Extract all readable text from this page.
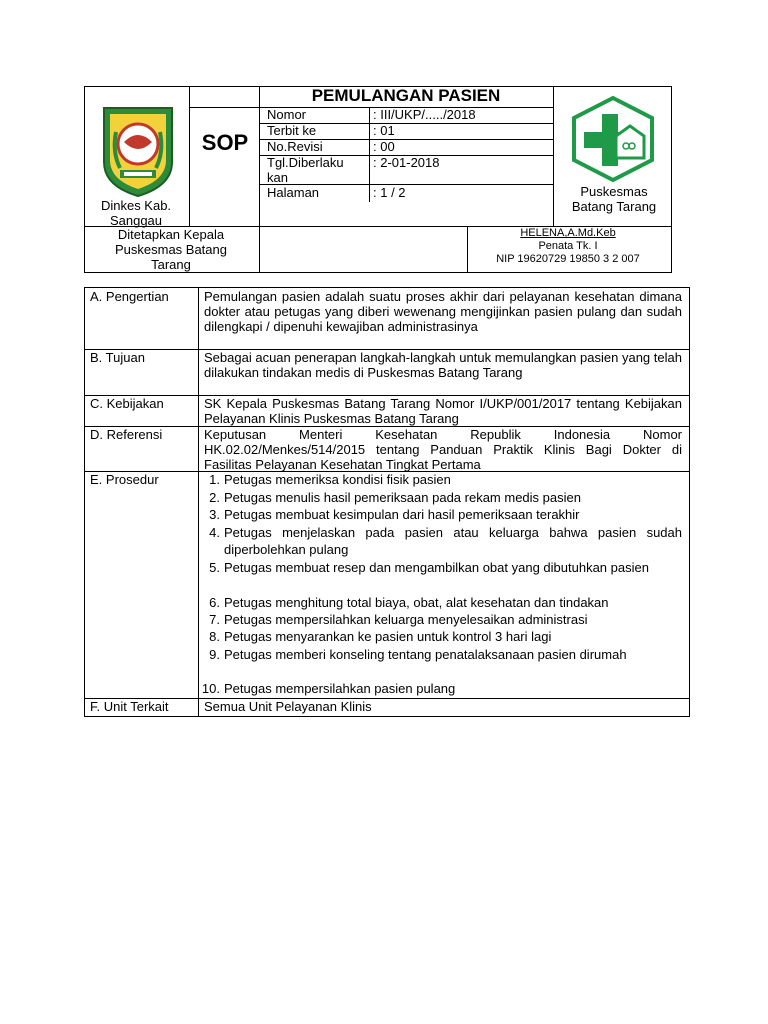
Dinkes Kab.
Sanggau
SOP
PEMULANGAN PASIEN
Nomor	: III/UKP/...../2018
Terbit ke	: 01
No.Revisi	: 00
Tgl.Diberlaku
kan
: 2-01-2018
Halaman	: 1 / 2	Puskesmas
Batang Tarang
Ditetapkan Kepala
Puskesmas Batang
Tarang
HELENA,A.Md.Keb
Penata Tk. I
NIP 19620729 19850 3 2 007
A. Pengertian	Pemulangan pasien adalah suatu proses akhir dari pelayanan kesehatan dimana dokter atau petugas yang diberi wewenang mengijinkan pasien pulang dan sudah dilengkapi / dipenuhi kewajiban administrasinya
B. Tujuan	Sebagai acuan penerapan langkah-langkah untuk memulangkan pasien yang telah dilakukan tindakan medis di Puskesmas Batang Tarang
C. Kebijakan	SK Kepala Puskesmas Batang Tarang Nomor I/UKP/001/2017 tentang Kebijakan Pelayanan Klinis Puskesmas Batang Tarang
D. Referensi	Keputusan Menteri Kesehatan Republik Indonesia Nomor HK.02.02/Menkes/514/2015 tentang Panduan Praktik Klinis Bagi Dokter di Fasilitas Pelayanan Kesehatan Tingkat Pertama
E. Prosedur	1. Petugas memeriksa kondisi fisik pasien
2. Petugas menulis hasil pemeriksaan pada rekam medis pasien
3. Petugas membuat kesimpulan dari hasil pemeriksaan terakhir
4. Petugas menjelaskan pada pasien atau keluarga bahwa pasien sudah diperbolehkan pulang
5. Petugas membuat resep dan mengambilkan obat yang dibutuhkan pasien
6. Petugas menghitung total biaya, obat, alat kesehatan dan tindakan
7. Petugas mempersilahkan keluarga menyelesaikan administrasi
8. Petugas menyarankan ke pasien untuk kontrol 3 hari lagi
9. Petugas memberi konseling tentang penatalaksanaan pasien dirumah
10. Petugas mempersilahkan pasien pulang
F. Unit Terkait	Semua Unit Pelayanan Klinis
